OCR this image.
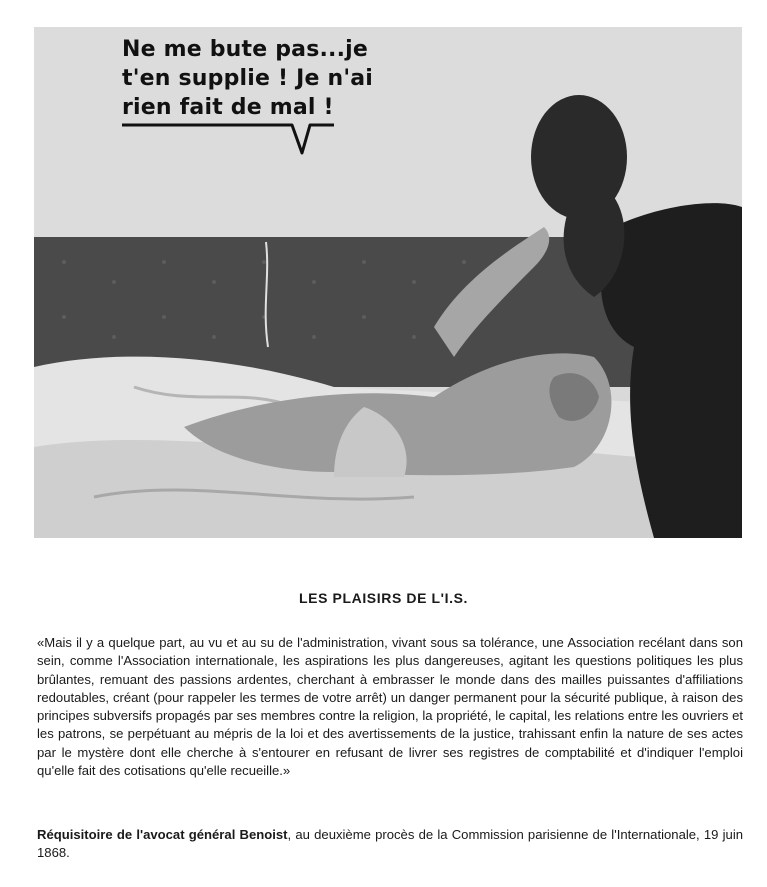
Ne me bute pas...je
t'en supplie ! Je n'ai
rien fait de mal !
LES PLAISIRS DE L'I.S.

«Mais il y a quelque part, au vu et au su de l'administration, vivant sous sa tolérance, une Association recélant dans son sein, comme l'Association internationale, les aspirations les plus dangereuses, agitant les questions politiques les plus brûlantes, remuant des passions ardentes, cherchant à embrasser le monde dans des mailles puissantes d'affiliations redoutables, créant (pour rappeler les termes de votre arrêt) un danger permanent pour la sécurité publique, à raison des principes subversifs propagés par ses membres contre la religion, la propriété, le capital, les relations entre les ouvriers et les patrons, se perpétuant au mépris de la loi et des avertissements de la justice, trahissant enfin la nature de ses actes par le mystère dont elle cherche à s'entourer en refusant de livrer ses registres de comptabilité et d'indiquer l'emploi qu'elle fait des cotisations qu'elle recueille.»

Réquisitoire de l'avocat général Benoist, au deuxième procès de la Commission parisienne de l'Internationale, 19 juin 1868.
